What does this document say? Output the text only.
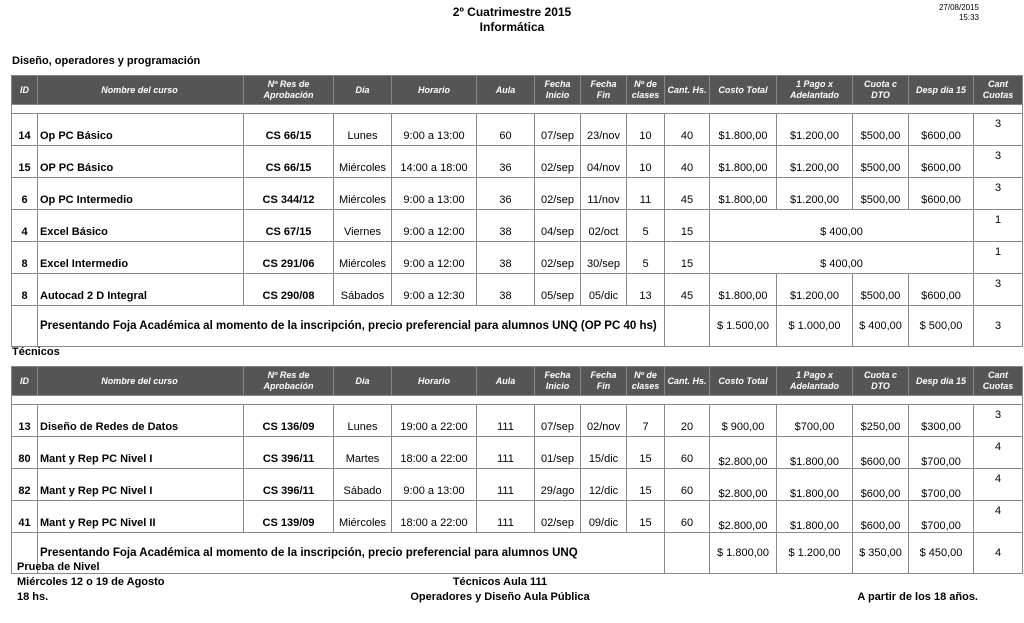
2º Cuatrimestre 2015
Informática
27/08/2015
15:33
Diseño, operadores y programación
ID	Nombre del curso	Nº Res de Aprobación	Día	Horario	Aula	Fecha Inicio	Fecha Fin	Nº de clases	Cant. Hs.	Costo Total	1 Pago x Adelantado	Cuota c DTO	Desp día 15	Cant Cuotas

14	Op PC Básico	CS 66/15	Lunes	9:00 a 13:00	60	07/sep	23/nov	10	40	$1.800,00	$1.200,00	$500,00	$600,00	3
15	OP PC Básico	CS 66/15	Miércoles	14:00 a 18:00	36	02/sep	04/nov	10	40	$1.800,00	$1.200,00	$500,00	$600,00	3
6	Op PC Intermedio	CS 344/12	Miércoles	9:00 a 13:00	36	02/sep	11/nov	11	45	$1.800,00	$1.200,00	$500,00	$600,00	3
4	Excel Básico	CS 67/15	Viernes	9:00 a 12:00	38	04/sep	02/oct	5	15	$ 400,00				1
8	Excel Intermedio	CS 291/06	Miércoles	9:00 a 12:00	38	02/sep	30/sep	5	15	$ 400,00				1
8	Autocad 2 D Integral	CS 290/08	Sábados	9:00 a 12:30	38	05/sep	05/dic	13	45	$1.800,00	$1.200,00	$500,00	$600,00	3
	Presentando Foja Académica al momento de la inscripción, precio preferencial para alumnos UNQ (OP PC 40 hs)									$ 1.500,00	$ 1.000,00	$ 400,00	$ 500,00	3
Técnicos
ID	Nombre del curso	Nº Res de Aprobación	Día	Horario	Aula	Fecha Inicio	Fecha Fin	Nº de clases	Cant. Hs.	Costo Total	1 Pago x Adelantado	Cuota c DTO	Desp día 15	Cant Cuotas

13	Diseño de Redes de Datos	CS 136/09	Lunes	19:00 a 22:00	111	07/sep	02/nov	7	20	$ 900,00	$700,00	$250,00	$300,00	3
80	Mant y Rep PC Nivel I	CS 396/11	Martes	18:00 a 22:00	111	01/sep	15/dic	15	60	$2.800,00	$1.800,00	$600,00	$700,00	4
82	Mant y Rep PC Nivel I	CS 396/11	Sábado	9:00 a 13:00	111	29/ago	12/dic	15	60	$2.800,00	$1.800,00	$600,00	$700,00	4
41	Mant y Rep PC Nivel II	CS 139/09	Miércoles	18:00 a 22:00	111	02/sep	09/dic	15	60	$2.800,00	$1.800,00	$600,00	$700,00	4
	Presentando Foja Académica al momento de la inscripción, precio preferencial para alumnos UNQ									$ 1.800,00	$ 1.200,00	$ 350,00	$ 450,00	4
Prueba de Nivel
Miércoles 12 o 19 de Agosto
18 hs.
Técnicos Aula 111
Operadores y Diseño Aula Pública	A partir de los 18 años.
